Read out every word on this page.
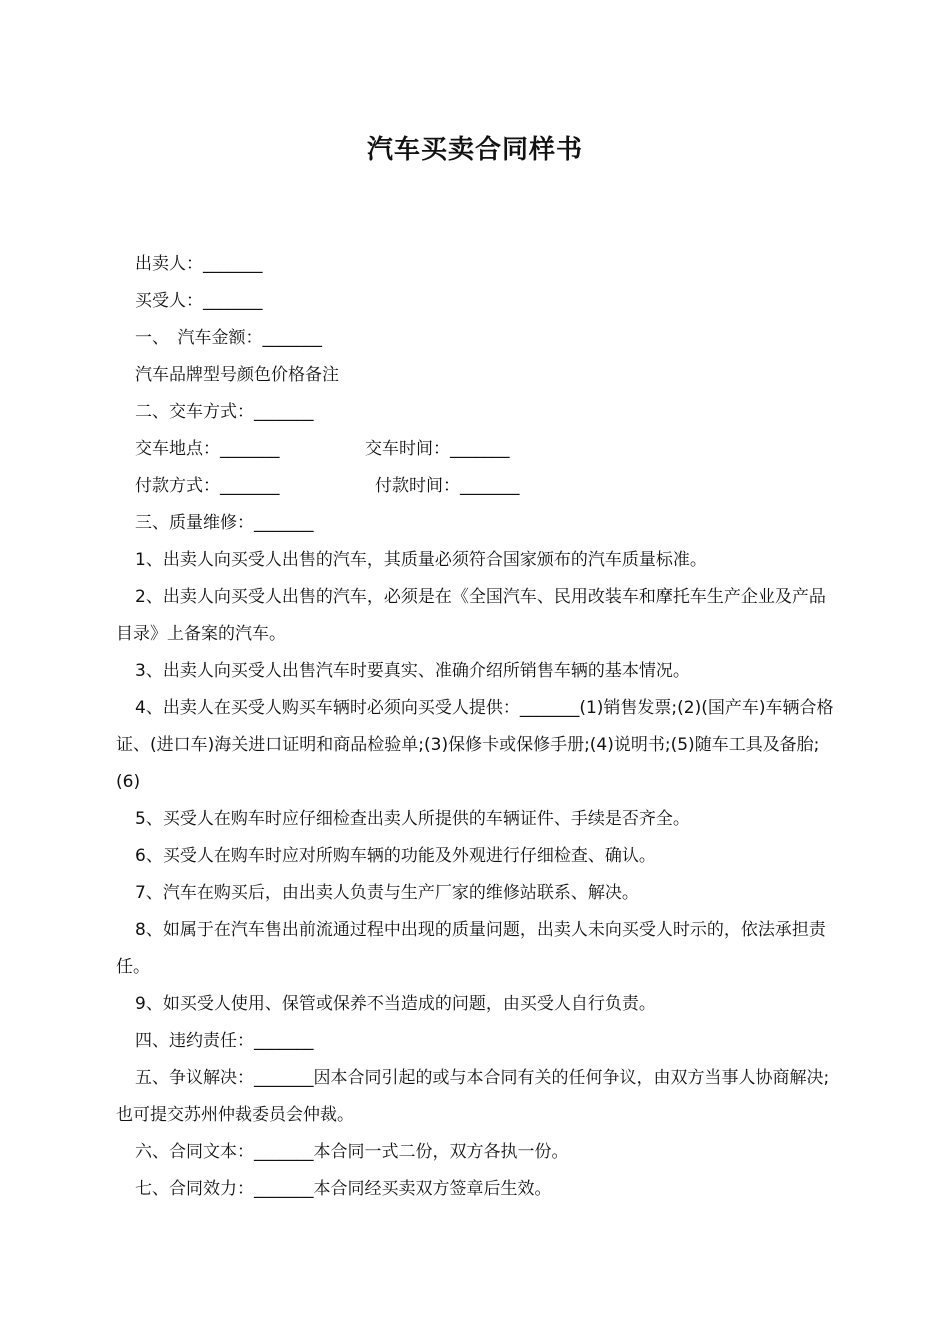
汽车买卖合同样书

出卖人：_______

买受人：_______

一、　汽车金额：_______

汽车品牌型号颜色价格备注

二、交车方式：_______

交车地点：_______	交车时间：_______
付款方式：_______	付款时间：_______

三、质量维修：_______

1、出卖人向买受人出售的汽车，其质量必须符合国家颁布的汽车质量标准。

2、出卖人向买受人出售的汽车，必须是在《全国汽车、民用改装车和摩托车生产企业及产品目录》上备案的汽车。

3、出卖人向买受人出售汽车时要真实、准确介绍所销售车辆的基本情况。

4、出卖人在买受人购买车辆时必须向买受人提供：_______(1)销售发票;(2)(国产车)车辆合格证、(进口车)海关进口证明和商品检验单;(3)保修卡或保修手册;(4)说明书;(5)随车工具及备胎; (6)

5、买受人在购车时应仔细检查出卖人所提供的车辆证件、手续是否齐全。

6、买受人在购车时应对所购车辆的功能及外观进行仔细检查、确认。

7、汽车在购买后，由出卖人负责与生产厂家的维修站联系、解决。

8、如属于在汽车售出前流通过程中出现的质量问题，出卖人未向买受人时示的，依法承担责任。

9、如买受人使用、保管或保养不当造成的问题，由买受人自行负责。

四、违约责任：_______

五、争议解决：_______因本合同引起的或与本合同有关的任何争议，由双方当事人协商解决;也可提交苏州仲裁委员会仲裁。

六、合同文本：_______本合同一式二份，双方各执一份。

七、合同效力：_______本合同经买卖双方签章后生效。
